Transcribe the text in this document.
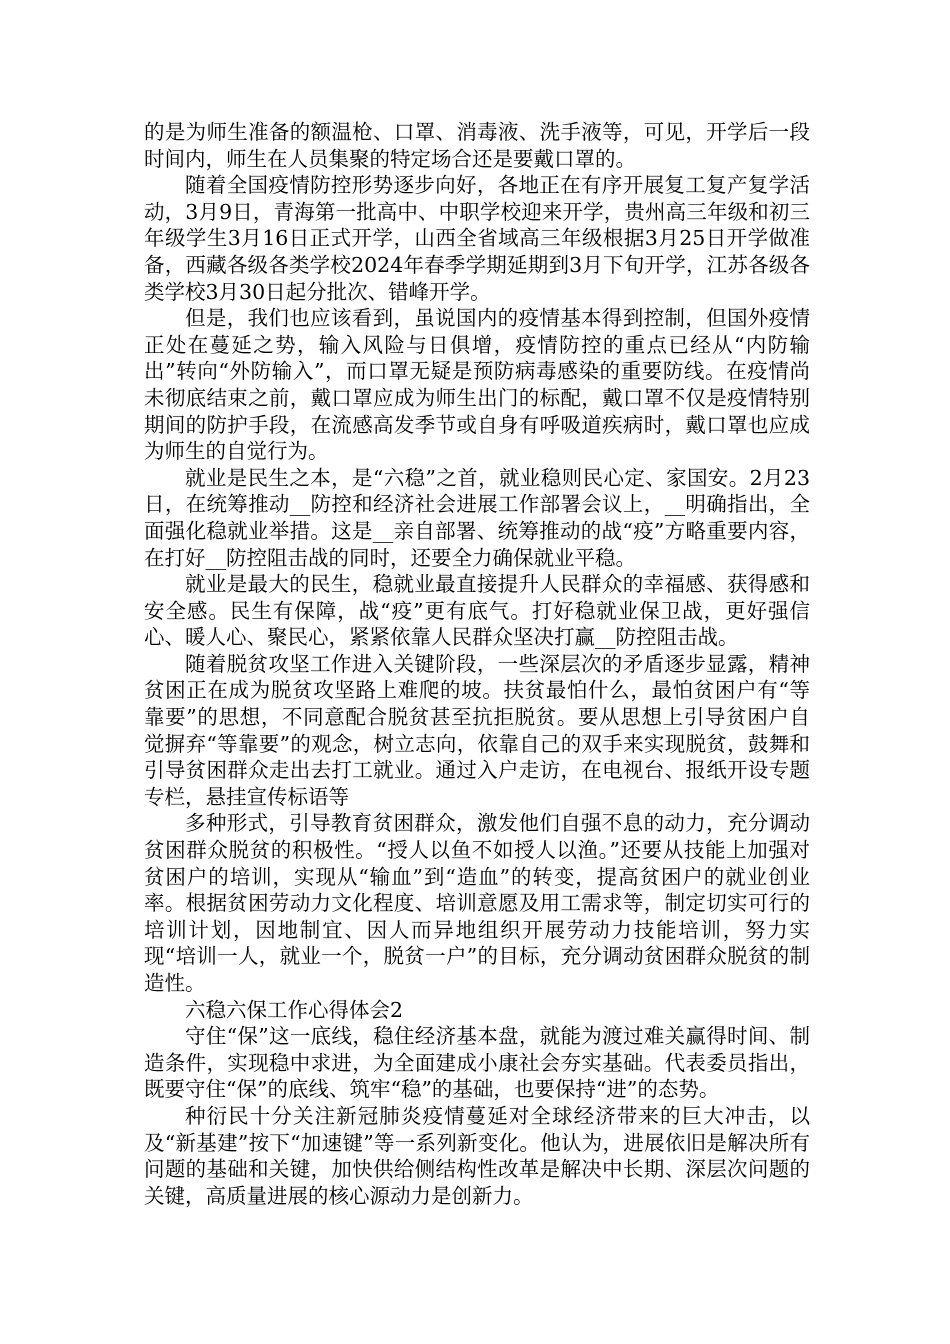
的是为师生准备的额温枪、口罩、消毒液、洗手液等，可见，开学后一段时间内，师生在人员集聚的特定场合还是要戴口罩的。

随着全国疫情防控形势逐步向好，各地正在有序开展复工复产复学活动，3月9日，青海第一批高中、中职学校迎来开学，贵州高三年级和初三年级学生3月16日正式开学，山西全省域高三年级根据3月25日开学做准备，西藏各级各类学校2024年春季学期延期到3月下旬开学，江苏各级各类学校3月30日起分批次、错峰开学。

但是，我们也应该看到，虽说国内的疫情基本得到控制，但国外疫情正处在蔓延之势，输入风险与日俱增，疫情防控的重点已经从“内防输出”转向“外防输入”，而口罩无疑是预防病毒感染的重要防线。在疫情尚未彻底结束之前，戴口罩应成为师生出门的标配，戴口罩不仅是疫情特别期间的防护手段，在流感高发季节或自身有呼吸道疾病时，戴口罩也应成为师生的自觉行为。

就业是民生之本，是“六稳”之首，就业稳则民心定、家国安。2月23日，在统筹推动__防控和经济社会进展工作部署会议上，__明确指出，全面强化稳就业举措。这是__亲自部署、统筹推动的战“疫”方略重要内容，在打好__防控阻击战的同时，还要全力确保就业平稳。

就业是最大的民生，稳就业最直接提升人民群众的幸福感、获得感和安全感。民生有保障，战“疫”更有底气。打好稳就业保卫战，更好强信心、暖人心、聚民心，紧紧依靠人民群众坚决打赢__防控阻击战。

随着脱贫攻坚工作进入关键阶段，一些深层次的矛盾逐步显露，精神贫困正在成为脱贫攻坚路上难爬的坡。扶贫最怕什么，最怕贫困户有“等靠要”的思想，不同意配合脱贫甚至抗拒脱贫。要从思想上引导贫困户自觉摒弃“等靠要”的观念，树立志向，依靠自己的双手来实现脱贫，鼓舞和引导贫困群众走出去打工就业。通过入户走访，在电视台、报纸开设专题专栏，悬挂宣传标语等

多种形式，引导教育贫困群众，激发他们自强不息的动力，充分调动贫困群众脱贫的积极性。“授人以鱼不如授人以渔。”还要从技能上加强对贫困户的培训，实现从“输血”到“造血”的转变，提高贫困户的就业创业率。根据贫困劳动力文化程度、培训意愿及用工需求等，制定切实可行的培训计划，因地制宜、因人而异地组织开展劳动力技能培训，努力实现“培训一人，就业一个，脱贫一户”的目标，充分调动贫困群众脱贫的制造性。

六稳六保工作心得体会2

守住“保”这一底线，稳住经济基本盘，就能为渡过难关赢得时间、制造条件，实现稳中求进，为全面建成小康社会夯实基础。代表委员指出，既要守住“保”的底线、筑牢“稳”的基础，也要保持“进”的态势。

种衍民十分关注新冠肺炎疫情蔓延对全球经济带来的巨大冲击，以及“新基建”按下“加速键”等一系列新变化。他认为，进展依旧是解决所有问题的基础和关键，加快供给侧结构性改革是解决中长期、深层次问题的关键，高质量进展的核心源动力是创新力。
